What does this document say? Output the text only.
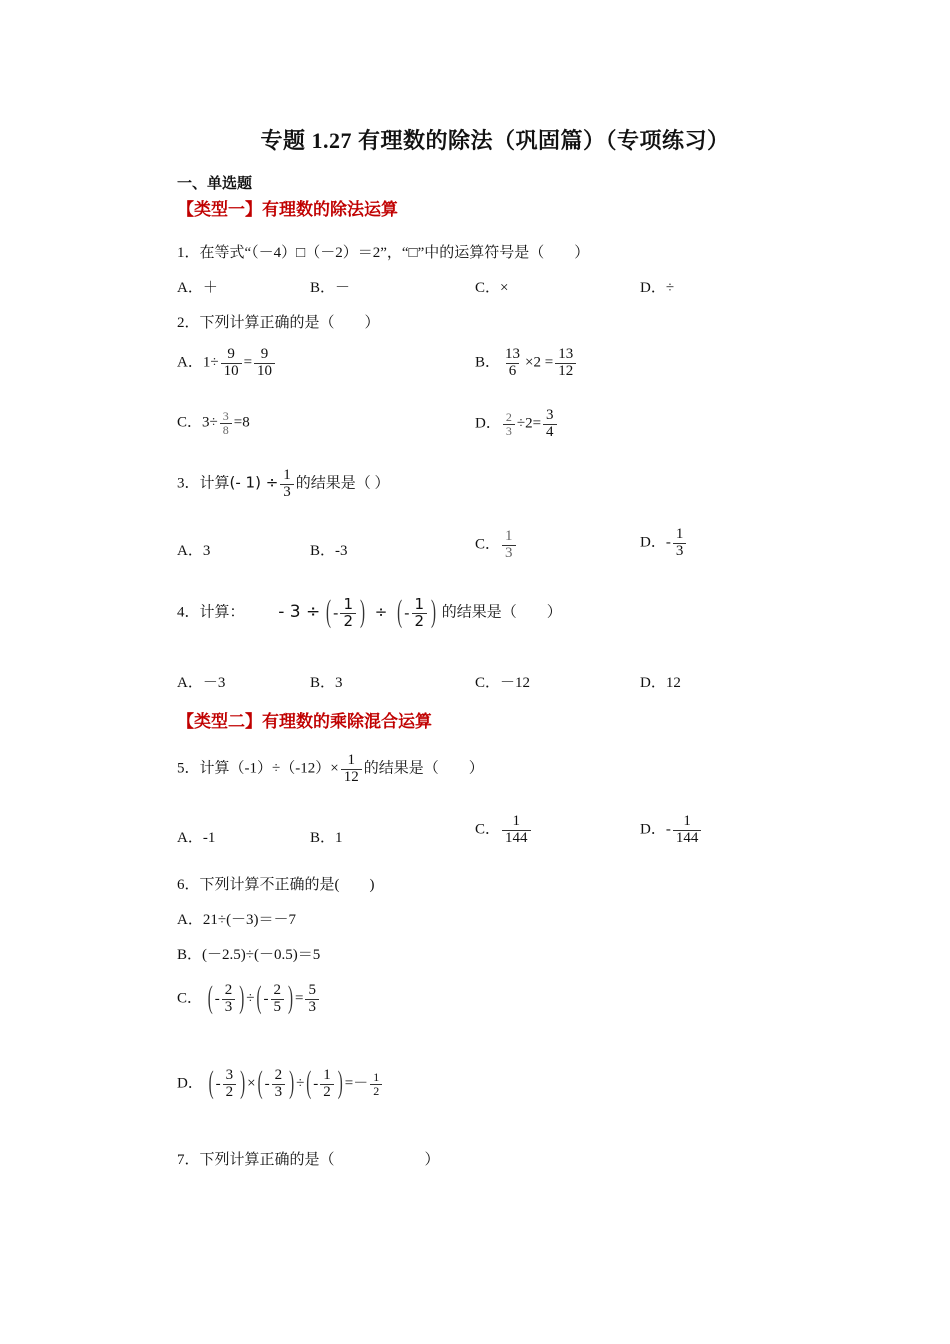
专题 1.27 有理数的除法（巩固篇）（专项练习）
一、单选题
【类型一】有理数的除法运算
1．在等式“（－4）□（－2）＝2”，“□”中的运算符号是（　　）
A．＋	B．－	C．×	D．÷
2．下列计算正确的是（　　）
A．$1\div \frac{9}{10} = \frac{9}{10}$	B． $\frac{13}{6} \times 2 = \frac{13}{12}$
C．$3\div \frac{3}{8} =8$	D． $\frac{2}{3} \div 2= \frac{3}{4}$
3．计算(- $1) \div \frac{1}{3}$ 的结果是（ ）
A．3	B．-3	C． $\frac{1}{3}$	D．- $\frac{1}{3}$
4．计算： - 3 ÷ ( - $\frac{1}{2}$ ) ÷ ( - $\frac{1}{2}$ ) 的结果是（　　）
A．－3	B．3	C．－12	D．12
【类型二】有理数的乘除混合运算
5．计算$(-1)\div(-12)\times \frac{1}{12}$ 的结果是（　　）
A．-1	B．1
C． $\frac{1}{144}$	D．- $\frac{1}{144}$
6．下列计算不正确的是(　　)
A．21÷(－3)＝－7
B．(－2.5)÷(－0.5)＝5
C． ( - $\frac{2}{3}$ ) ÷ ( - $\frac{2}{5}$ ) = $\frac{5}{3}$
D． ( - $\frac{3}{2}$ ) × ( - $\frac{2}{3}$ ) ÷ ( - $\frac{1}{2}$ ) =－ $\frac{1}{2}$
7．下列计算正确的是（　　　　　　）
